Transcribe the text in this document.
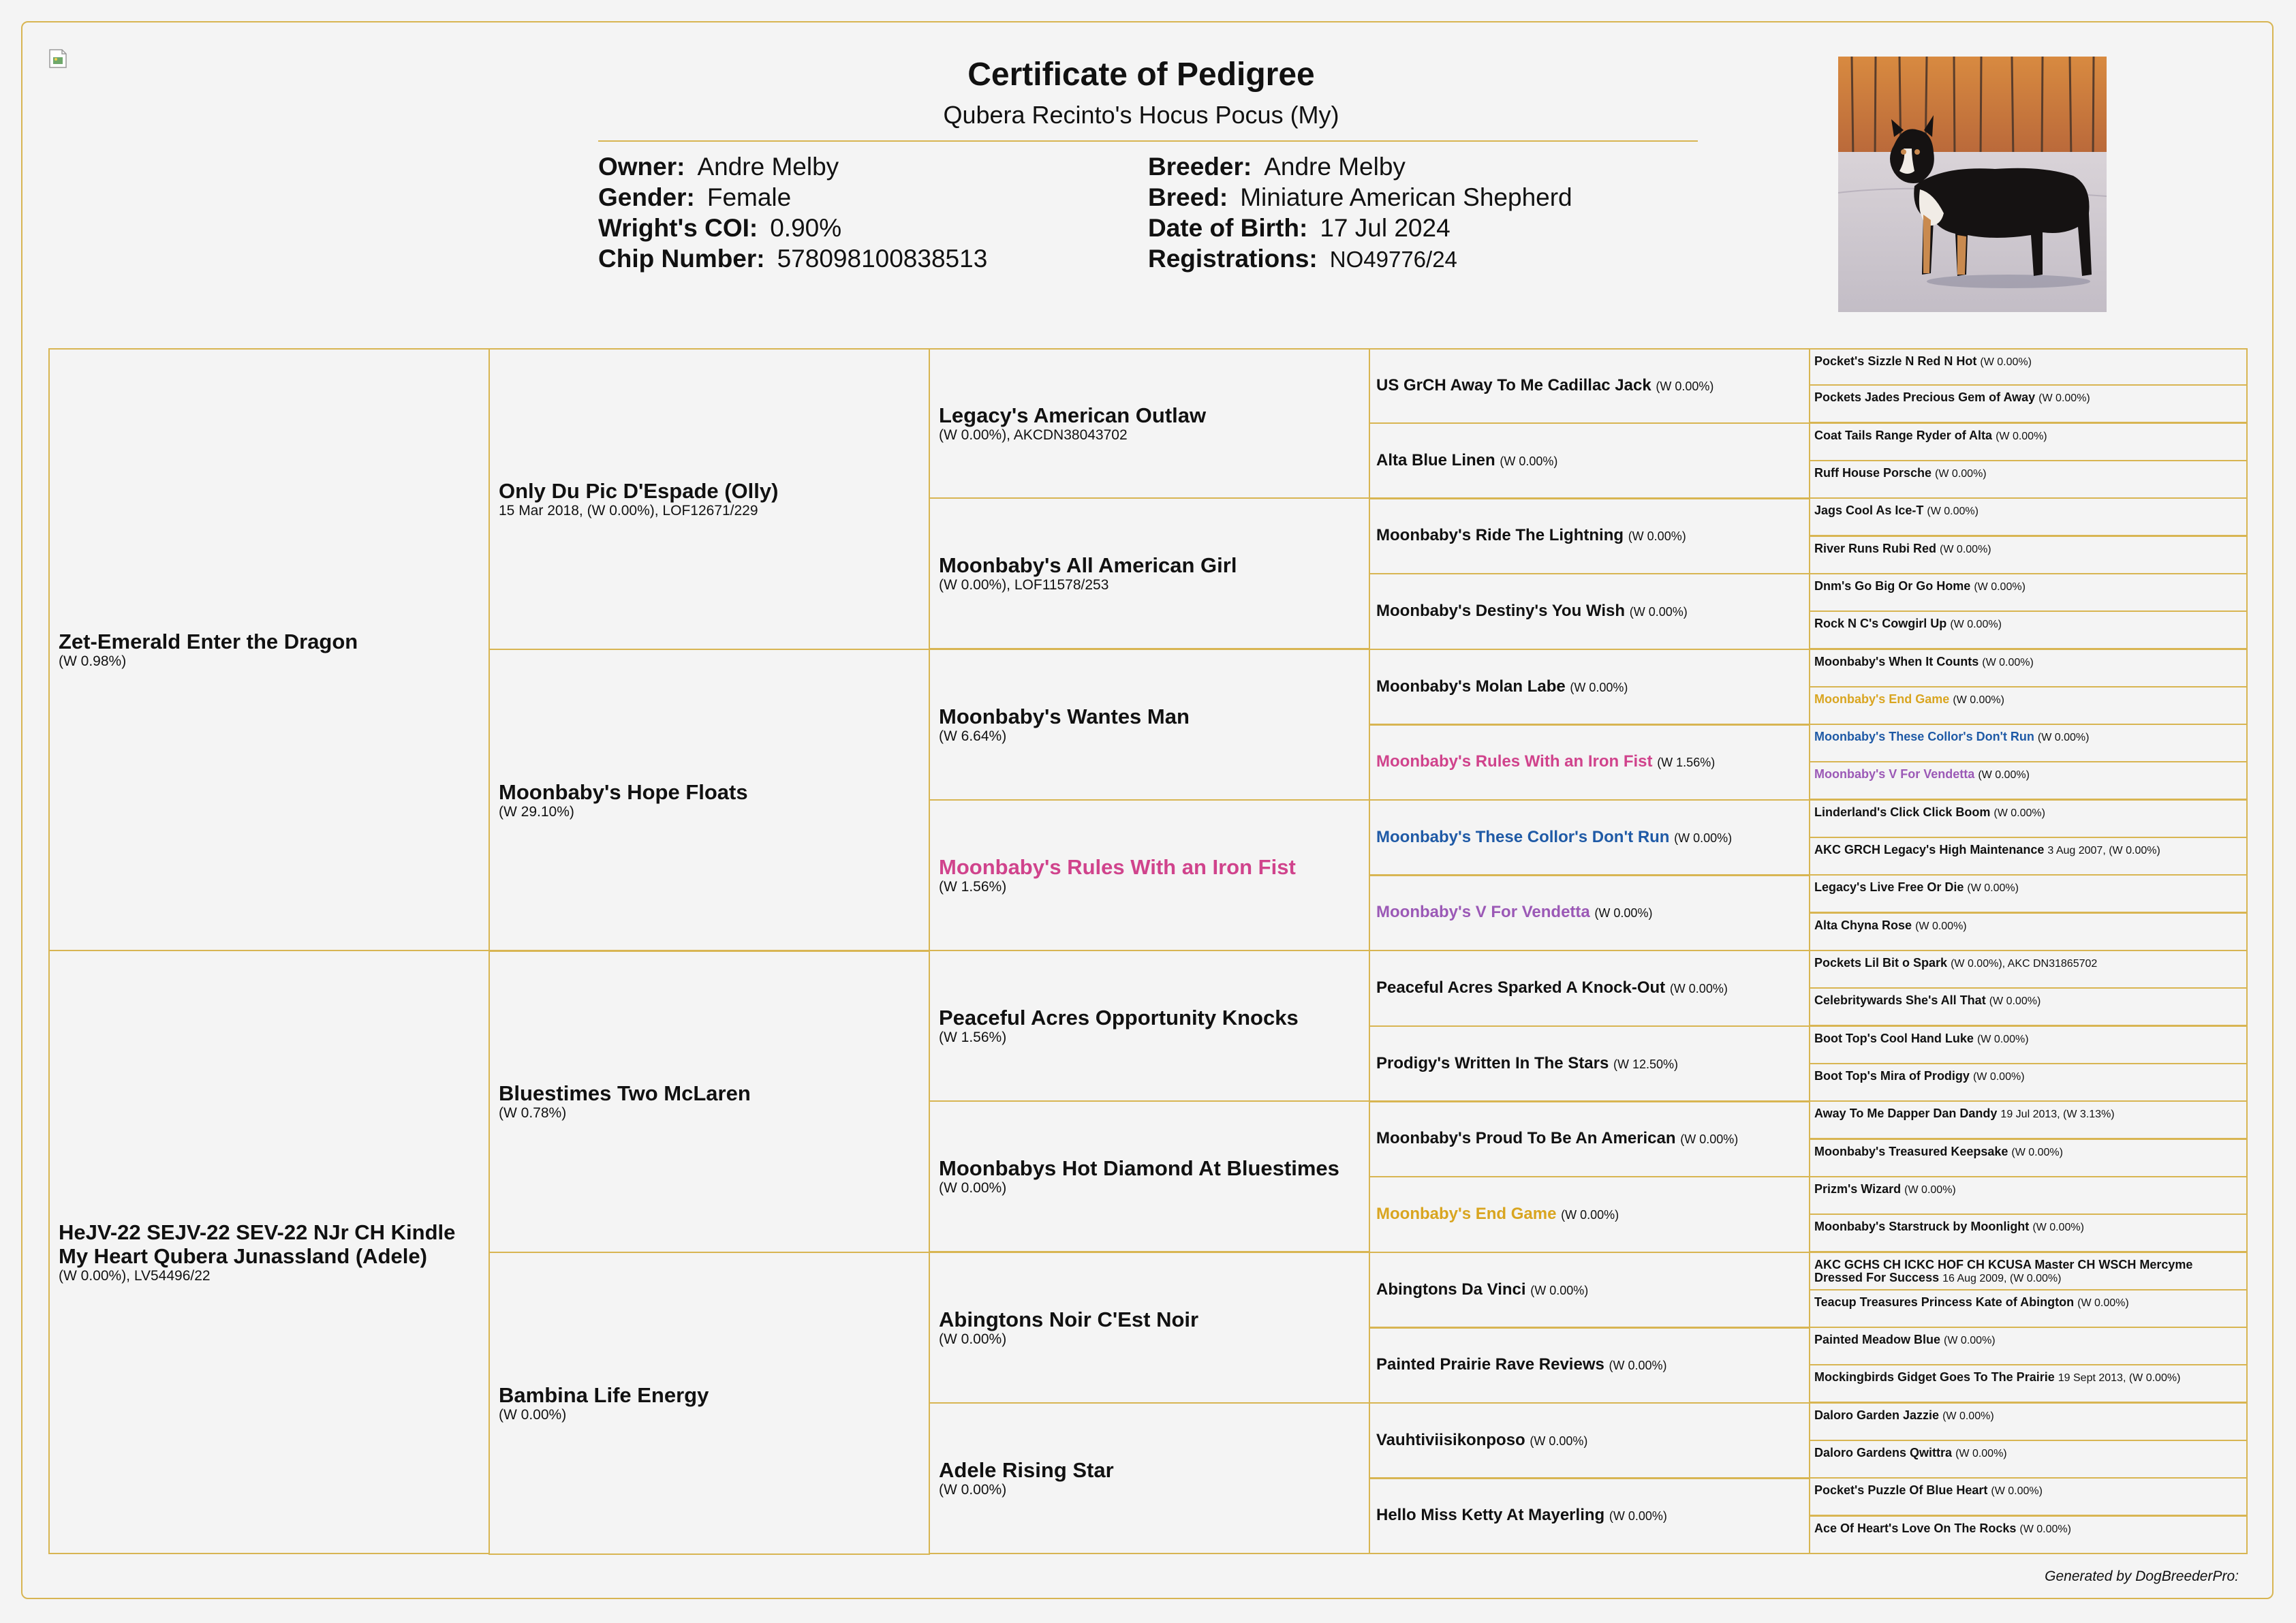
Certificate of Pedigree
Qubera Recinto's Hocus Pocus (My)
Owner: Andre Melby
Gender: Female
Wright's COI: 0.90%
Chip Number: 578098100838513
Breeder: Andre Melby
Breed: Miniature American Shepherd
Date of Birth: 17 Jul 2024
Registrations: NO49776/24
Zet-Emerald Enter the Dragon
(W 0.98%)
HeJV-22 SEJV-22 SEV-22 NJr CH Kindle My Heart Qubera Junassland (Adele)
(W 0.00%), LV54496/22
Only Du Pic D'Espade (Olly)
15 Mar 2018, (W 0.00%), LOF12671/229
Moonbaby's Hope Floats
(W 29.10%)
Bluestimes Two McLaren
(W 0.78%)
Bambina Life Energy
(W 0.00%)
Legacy's American Outlaw
(W 0.00%), AKCDN38043702
Moonbaby's All American Girl
(W 0.00%), LOF11578/253
Moonbaby's Wantes Man
(W 6.64%)
Moonbaby's Rules With an Iron Fist
(W 1.56%)
Peaceful Acres Opportunity Knocks
(W 1.56%)
Moonbabys Hot Diamond At Bluestimes
(W 0.00%)
Abingtons Noir C'Est Noir
(W 0.00%)
Adele Rising Star
(W 0.00%)
US GrCH Away To Me Cadillac Jack (W 0.00%)
Alta Blue Linen (W 0.00%)
Moonbaby's Ride The Lightning (W 0.00%)
Moonbaby's Destiny's You Wish (W 0.00%)
Moonbaby's Molan Labe (W 0.00%)
Moonbaby's Rules With an Iron Fist (W 1.56%)
Moonbaby's These Collor's Don't Run (W 0.00%)
Moonbaby's V For Vendetta (W 0.00%)
Peaceful Acres Sparked A Knock-Out (W 0.00%)
Prodigy's Written In The Stars (W 12.50%)
Moonbaby's Proud To Be An American (W 0.00%)
Moonbaby's End Game (W 0.00%)
Abingtons Da Vinci (W 0.00%)
Painted Prairie Rave Reviews (W 0.00%)
Vauhtiviisikonposo (W 0.00%)
Hello Miss Ketty At Mayerling (W 0.00%)
Pocket's Sizzle N Red N Hot (W 0.00%)
Pockets Jades Precious Gem of Away (W 0.00%)
Coat Tails Range Ryder of Alta (W 0.00%)
Ruff House Porsche (W 0.00%)
Jags Cool As Ice-T (W 0.00%)
River Runs Rubi Red (W 0.00%)
Dnm's Go Big Or Go Home (W 0.00%)
Rock N C's Cowgirl Up (W 0.00%)
Moonbaby's When It Counts (W 0.00%)
Moonbaby's End Game (W 0.00%)
Moonbaby's These Collor's Don't Run (W 0.00%)
Moonbaby's V For Vendetta (W 0.00%)
Linderland's Click Click Boom (W 0.00%)
AKC GRCH Legacy's High Maintenance 3 Aug 2007, (W 0.00%)
Legacy's Live Free Or Die (W 0.00%)
Alta Chyna Rose (W 0.00%)
Pockets Lil Bit o Spark (W 0.00%), AKC DN31865702
Celebritywards She's All That (W 0.00%)
Boot Top's Cool Hand Luke (W 0.00%)
Boot Top's Mira of Prodigy (W 0.00%)
Away To Me Dapper Dan Dandy 19 Jul 2013, (W 3.13%)
Moonbaby's Treasured Keepsake (W 0.00%)
Prizm's Wizard (W 0.00%)
Moonbaby's Starstruck by Moonlight (W 0.00%)
AKC GCHS CH ICKC HOF CH KCUSA Master CH WSCH Mercyme Dressed For Success 16 Aug 2009, (W 0.00%)
Teacup Treasures Princess Kate of Abington (W 0.00%)
Painted Meadow Blue (W 0.00%)
Mockingbirds Gidget Goes To The Prairie 19 Sept 2013, (W 0.00%)
Daloro Garden Jazzie (W 0.00%)
Daloro Gardens Qwittra (W 0.00%)
Pocket's Puzzle Of Blue Heart (W 0.00%)
Ace Of Heart's Love On The Rocks (W 0.00%)
Generated by DogBreederPro:
